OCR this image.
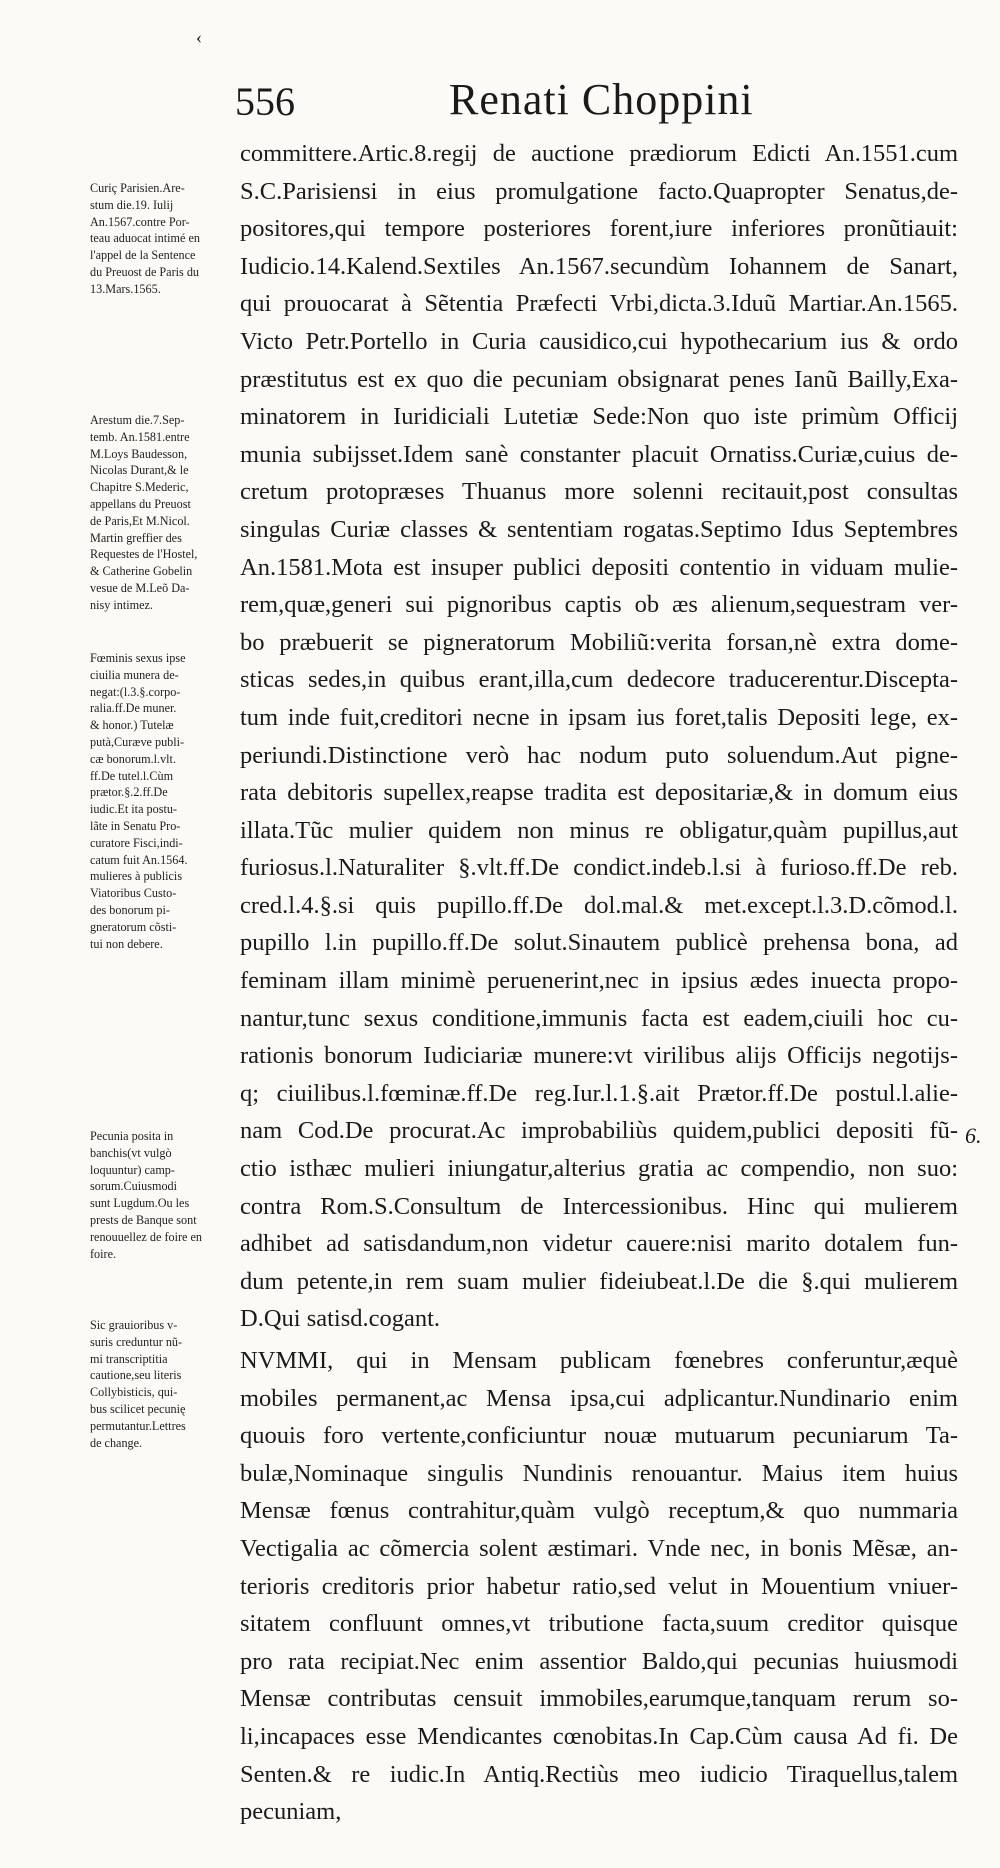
‹
556	Renati Choppini
committere.Artic.8.regij de auctione prædiorum Edicti An.1551.cum
S.C.Parisiensi in eius promulgatione facto.Quapropter Senatus,de-
positores,qui tempore posteriores forent,iure inferiores pronũtiauit:
Iudicio.14.Kalend.Sextiles An.1567.secundùm Iohannem de Sanart,
qui prouocarat à Sẽtentia Præfecti Vrbi,dicta.3.Iduũ Martiar.An.1565.
Victo Petr.Portello in Curia causidico,cui hypothecarium ius & ordo
præstitutus est ex quo die pecuniam obsignarat penes Ianũ Bailly,Exa-
minatorem in Iuridiciali Lutetiæ Sede:Non quo iste primùm Officij
munia subijsset.Idem sanè constanter placuit Ornatiss.Curiæ,cuius de-
cretum protopræses Thuanus more solenni recitauit,post consultas
singulas Curiæ classes & sententiam rogatas.Septimo Idus Septembres
An.1581.Mota est insuper publici depositi contentio in viduam mulie-
rem,quæ,generi sui pignoribus captis ob æs alienum,sequestram ver-
bo præbuerit se pigneratorum Mobiliũ:verita forsan,nè extra dome-
sticas sedes,in quibus erant,illa,cum dedecore traducerentur.Discepta-
tum inde fuit,creditori necne in ipsam ius foret,talis Depositi lege, ex-
periundi.Distinctione verò hac nodum puto soluendum.Aut pigne-
rata debitoris supellex,reapse tradita est depositariæ,& in domum eius
illata.Tũc mulier quidem non minus re obligatur,quàm pupillus,aut
furiosus.l.Naturaliter §.vlt.ff.De condict.indeb.l.si à furioso.ff.De reb.
cred.l.4.§.si quis pupillo.ff.De dol.mal.& met.except.l.3.D.cõmod.l.
pupillo l.in pupillo.ff.De solut.Sinautem publicè prehensa bona, ad
feminam illam minimè peruenerint,nec in ipsius ædes inuecta propo-
nantur,tunc sexus conditione,immunis facta est eadem,ciuili hoc cu-
rationis bonorum Iudiciariæ munere:vt virilibus alijs Officijs negotijs-
q; ciuilibus.l.fœminæ.ff.De reg.Iur.l.1.§.ait Prætor.ff.De postul.l.alie-
nam Cod.De procurat.Ac improbabiliùs quidem,publici depositi fũ-
ctio isthæc mulieri iniungatur,alterius gratia ac compendio, non suo:
contra Rom.S.Consultum de Intercessionibus. Hinc qui mulierem
adhibet ad satisdandum,non videtur cauere:nisi marito dotalem fun-
dum petente,in rem suam mulier fideiubeat.l.De die §.qui mulierem
D.Qui satisd.cogant.
NVMMI, qui in Mensam publicam fœnebres conferuntur,æquè
mobiles permanent,ac Mensa ipsa,cui adplicantur.Nundinario enim
quouis foro vertente,conficiuntur nouæ mutuarum pecuniarum Ta-
bulæ,Nominaque singulis Nundinis renouantur. Maius item huius
Mensæ fœnus contrahitur,quàm vulgò receptum,& quo nummaria
Vectigalia ac cõmercia solent æstimari. Vnde nec, in bonis Mẽsæ, an-
terioris creditoris prior habetur ratio,sed velut in Mouentium vniuer-
sitatem confluunt omnes,vt tributione facta,suum creditor quisque
pro rata recipiat.Nec enim assentior Baldo,qui pecunias huiusmodi
Mensæ contributas censuit immobiles,earumque,tanquam rerum so-
li,incapaces esse Mendicantes cœnobitas.In Cap.Cùm causa Ad fi. De
Senten.& re iudic.In Antiq.Rectiùs meo iudicio Tiraquellus,talem
pecuniam,
Curiç Parisien.Are-
stum die.19. Iulij
An.1567.contre Por-
teau aduocat intimé en
l'appel de la Sentence
du Preuost de Paris du
13.Mars.1565.
Arestum die.7.Sep-
temb. An.1581.entre
M.Loys Baudesson,
Nicolas Durant,& le
Chapitre S.Mederic,
appellans du Preuost
de Paris,Et M.Nicol.
Martin greffier des
Requestes de l'Hostel,
& Catherine Gobelin
vesue de M.Leõ Da-
nisy intimez.
Fœminis sexus ipse
ciuilia munera de-
negat:(l.3.§.corpo-
ralia.ff.De muner.
& honor.) Tutelæ
putà,Curæve publi-
cæ bonorum.l.vlt.
ff.De tutel.l.Cùm
prætor.§.2.ff.De
iudic.Et ita postu-
lãte in Senatu Pro-
curatore Fisci,indi-
catum fuit An.1564.
mulieres à publicis
Viatoribus Custo-
des bonorum pi-
gneratorum cõsti-
tui non debere.
Pecunia posita in
banchis(vt vulgò
loquuntur) camp-
sorum.Cuiusmodi
sunt Lugdum.Ou les
prests de Banque sont
renouuellez de foire en
foire.
Sic grauioribus v-
suris creduntur nũ-
mi transcriptitia
cautione,seu literis
Collybisticis, qui-
bus scilicet pecunię
permutantur.Lettres
de change.
6.
